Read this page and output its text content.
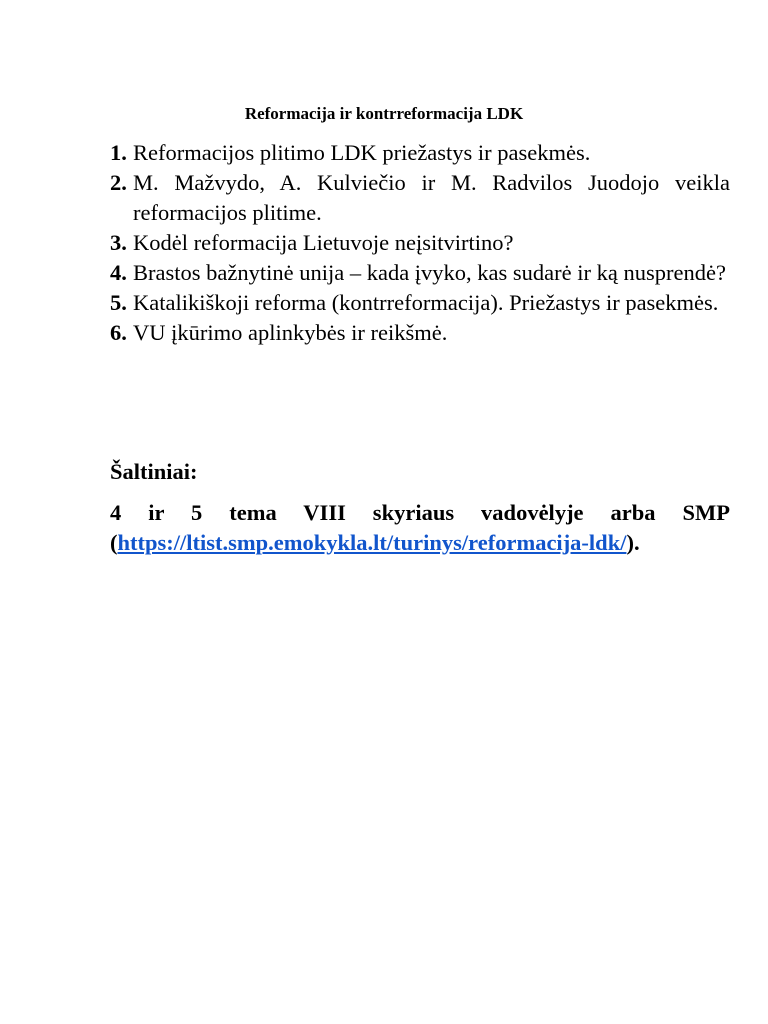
Reformacija ir kontrreformacija LDK
1. Reformacijos plitimo LDK priežastys ir pasekmės.
2. M. Mažvydo, A. Kulviečio ir M. Radvilos Juodojo veikla reformacijos plitime.
3. Kodėl reformacija Lietuvoje neįsitvirtino?
4. Brastos bažnytinė unija – kada įvyko, kas sudarė ir ką nusprendė?
5. Katalikiškoji reforma (kontrreformacija). Priežastys ir pasekmės.
6. VU įkūrimo aplinkybės ir reikšmė.
Šaltiniai:

4 ir 5 tema VIII skyriaus vadovėlyje arba SMP (https://ltist.smp.emokykla.lt/turinys/reformacija-ldk/).
